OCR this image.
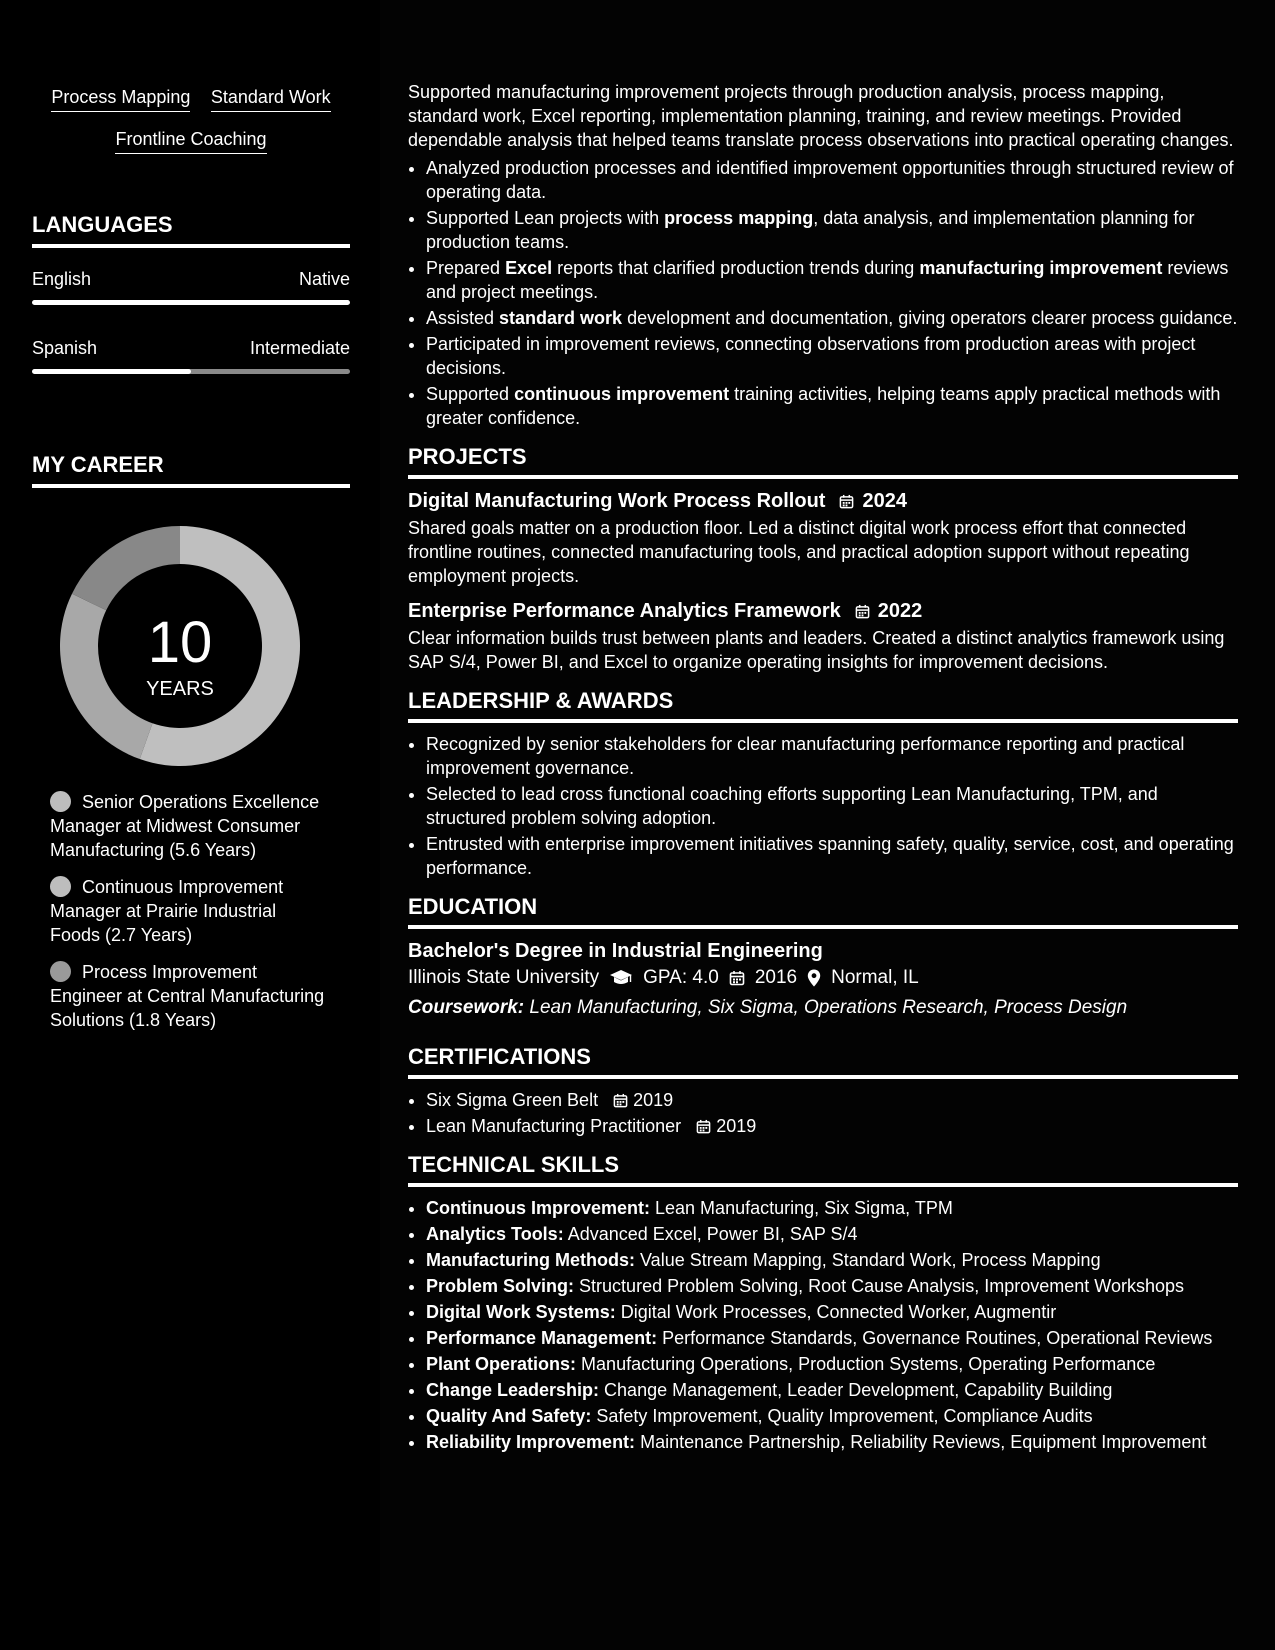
Process Mapping Standard Work
Frontline Coaching
LANGUAGES
English	Native
Spanish	Intermediate
MY CAREER
10
YEARS
Senior Operations Excellence Manager at Midwest Consumer Manufacturing (5.6 Years)
Continuous Improvement Manager at Prairie Industrial Foods (2.7 Years)
Process Improvement Engineer at Central Manufacturing Solutions (1.8 Years)

Supported manufacturing improvement projects through production analysis, process mapping, standard work, Excel reporting, implementation planning, training, and review meetings. Provided dependable analysis that helped teams translate process observations into practical operating changes.

• Analyzed production processes and identified improvement opportunities through structured review of operating data.
• Supported Lean projects with process mapping, data analysis, and implementation planning for production teams.
• Prepared Excel reports that clarified production trends during manufacturing improvement reviews and project meetings.
• Assisted standard work development and documentation, giving operators clearer process guidance.
• Participated in improvement reviews, connecting observations from production areas with project decisions.
• Supported continuous improvement training activities, helping teams apply practical methods with greater confidence.
PROJECTS
Digital Manufacturing Work Process Rollout 2024

Shared goals matter on a production floor. Led a distinct digital work process effort that connected frontline routines, connected manufacturing tools, and practical adoption support without repeating employment projects.

Enterprise Performance Analytics Framework 2022

Clear information builds trust between plants and leaders. Created a distinct analytics framework using SAP S/4, Power BI, and Excel to organize operating insights for improvement decisions.

LEADERSHIP & AWARDS
• Recognized by senior stakeholders for clear manufacturing performance reporting and practical improvement governance.
• Selected to lead cross functional coaching efforts supporting Lean Manufacturing, TPM, and structured problem solving adoption.
• Entrusted with enterprise improvement initiatives spanning safety, quality, service, cost, and operating performance.
EDUCATION
Bachelor's Degree in Industrial Engineering
Illinois State University GPA: 4.0 2016 Normal, IL
Coursework: Lean Manufacturing, Six Sigma, Operations Research, Process Design
CERTIFICATIONS
• Six Sigma Green Belt 2019
• Lean Manufacturing Practitioner 2019
TECHNICAL SKILLS
• Continuous Improvement: Lean Manufacturing, Six Sigma, TPM
• Analytics Tools: Advanced Excel, Power BI, SAP S/4
• Manufacturing Methods: Value Stream Mapping, Standard Work, Process Mapping
• Problem Solving: Structured Problem Solving, Root Cause Analysis, Improvement Workshops
• Digital Work Systems: Digital Work Processes, Connected Worker, Augmentir
• Performance Management: Performance Standards, Governance Routines, Operational Reviews
• Plant Operations: Manufacturing Operations, Production Systems, Operating Performance
• Change Leadership: Change Management, Leader Development, Capability Building
• Quality And Safety: Safety Improvement, Quality Improvement, Compliance Audits
• Reliability Improvement: Maintenance Partnership, Reliability Reviews, Equipment Improvement
